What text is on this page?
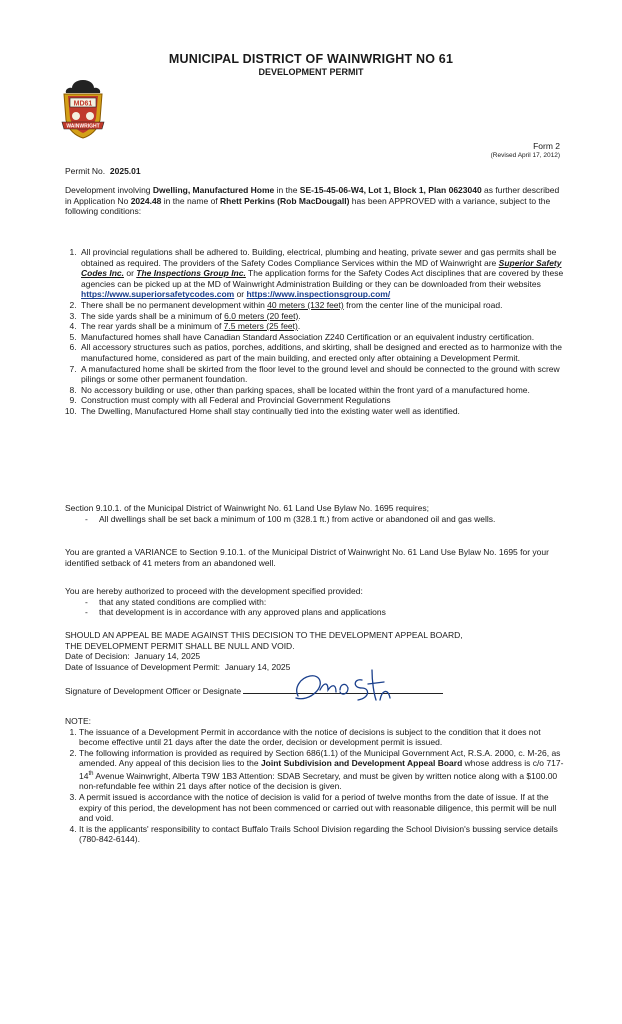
MUNICIPAL DISTRICT OF WAINWRIGHT NO 61
DEVELOPMENT PERMIT
MD61
WAINWRIGHT
Form 2
(Revised April 17, 2012)
Permit No. 2025.01
Development involving Dwelling, Manufactured Home in the SE-15-45-06-W4, Lot 1, Block 1, Plan 0623040 as further described in Application No 2024.48 in the name of Rhett Perkins (Rob MacDougall) has been APPROVED with a variance, subject to the following conditions:
1. All provincial regulations shall be adhered to. Building, electrical, plumbing and heating, private sewer and gas permits shall be obtained as required. The providers of the Safety Codes Compliance Services within the MD of Wainwright are Superior Safety Codes Inc. or The Inspections Group Inc. The application forms for the Safety Codes Act disciplines that are covered by these agencies can be picked up at the MD of Wainwright Administration Building or they can be downloaded from their websites https://www.superiorsafetycodes.com or https://www.inspectionsgroup.com/
2. There shall be no permanent development within 40 meters (132 feet) from the center line of the municipal road.
3. The side yards shall be a minimum of 6.0 meters (20 feet).
4. The rear yards shall be a minimum of 7.5 meters (25 feet).
5. Manufactured homes shall have Canadian Standard Association Z240 Certification or an equivalent industry certification.
6. All accessory structures such as patios, porches, additions, and skirting, shall be designed and erected as to harmonize with the manufactured home, considered as part of the main building, and erected only after obtaining a Development Permit.
7. A manufactured home shall be skirted from the floor level to the ground level and should be connected to the ground with screw pilings or some other permanent foundation.
8. No accessory building or use, other than parking spaces, shall be located within the front yard of a manufactured home.
9. Construction must comply with all Federal and Provincial Government Regulations
10. The Dwelling, Manufactured Home shall stay continually tied into the existing water well as identified.
Section 9.10.1. of the Municipal District of Wainwright No. 61 Land Use Bylaw No. 1695 requires;
- All dwellings shall be set back a minimum of 100 m (328.1 ft.) from active or abandoned oil and gas wells.
You are granted a VARIANCE to Section 9.10.1. of the Municipal District of Wainwright No. 61 Land Use Bylaw No. 1695 for your identified setback of 41 meters from an abandoned well.
You are hereby authorized to proceed with the development specified provided:
- that any stated conditions are complied with:
- that development is in accordance with any approved plans and applications
SHOULD AN APPEAL BE MADE AGAINST THIS DECISION TO THE DEVELOPMENT APPEAL BOARD,
THE DEVELOPMENT PERMIT SHALL BE NULL AND VOID.
Date of Decision: January 14, 2025
Date of Issuance of Development Permit: January 14, 2025
Signature of Development Officer or Designate
NOTE:
1. The issuance of a Development Permit in accordance with the notice of decisions is subject to the condition that it does not become effective until 21 days after the date the order, decision or development permit is issued.
2. The following information is provided as required by Section 686(1.1) of the Municipal Government Act, R.S.A. 2000, c. M-26, as amended. Any appeal of this decision lies to the Joint Subdivision and Development Appeal Board whose address is c/o 717-14th Avenue Wainwright, Alberta T9W 1B3 Attention: SDAB Secretary, and must be given by written notice along with a $100.00 non-refundable fee within 21 days after notice of the decision is given.
3. A permit issued is accordance with the notice of decision is valid for a period of twelve months from the date of issue. If at the expiry of this period, the development has not been commenced or carried out with reasonable diligence, this permit will be null and void.
4. It is the applicants' responsibility to contact Buffalo Trails School Division regarding the School Division's bussing service details (780-842-6144).
